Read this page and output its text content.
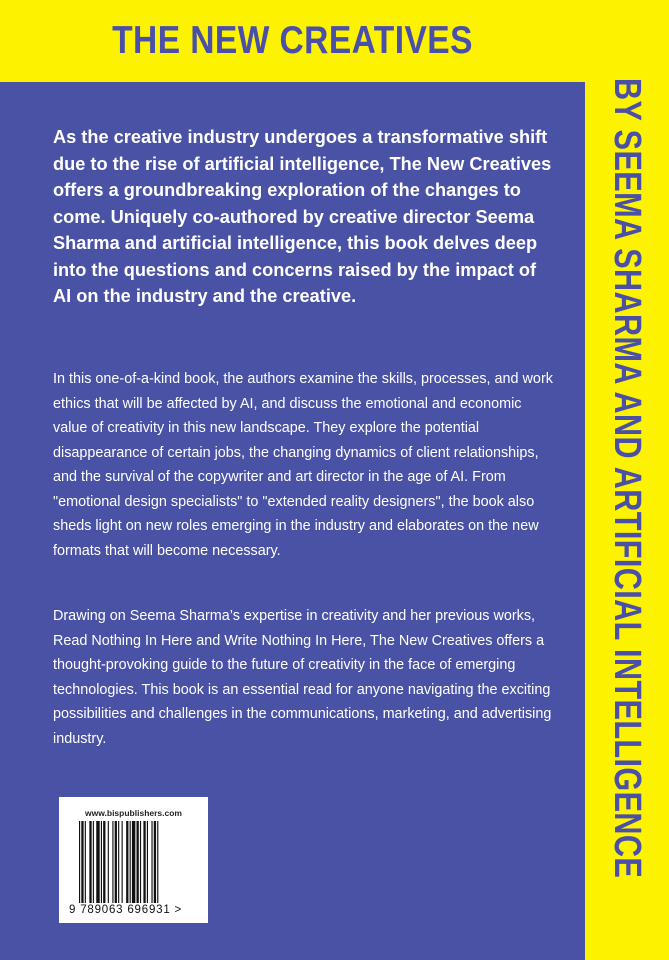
THE NEW CREATIVES

As the creative industry undergoes a transformative shift due to the rise of artificial intelligence, The New Creatives offers a groundbreaking exploration of the changes to come. Uniquely co-authored by creative director Seema Sharma and artificial intelligence, this book delves deep into the questions and concerns raised by the impact of AI on the industry and the creative.

In this one-of-a-kind book, the authors examine the skills, processes, and work ethics that will be affected by AI, and discuss the emotional and economic value of creativity in this new landscape. They explore the potential disappearance of certain jobs, the changing dynamics of client relationships, and the survival of the copywriter and art director in the age of AI. From "emotional design specialists" to "extended reality designers", the book also sheds light on new roles emerging in the industry and elaborates on the new formats that will become necessary.

Drawing on Seema Sharma’s expertise in creativity and her previous works, Read Nothing In Here and Write Nothing In Here, The New Creatives offers a thought-provoking guide to the future of creativity in the face of emerging technologies. This book is an essential read for anyone navigating the exciting possibilities and challenges in the communications, marketing, and advertising industry.

www.bispublishers.com
9 789063 696931 >
BY SEEMA SHARMA AND ARTIFICIAL INTELLIGENCE
